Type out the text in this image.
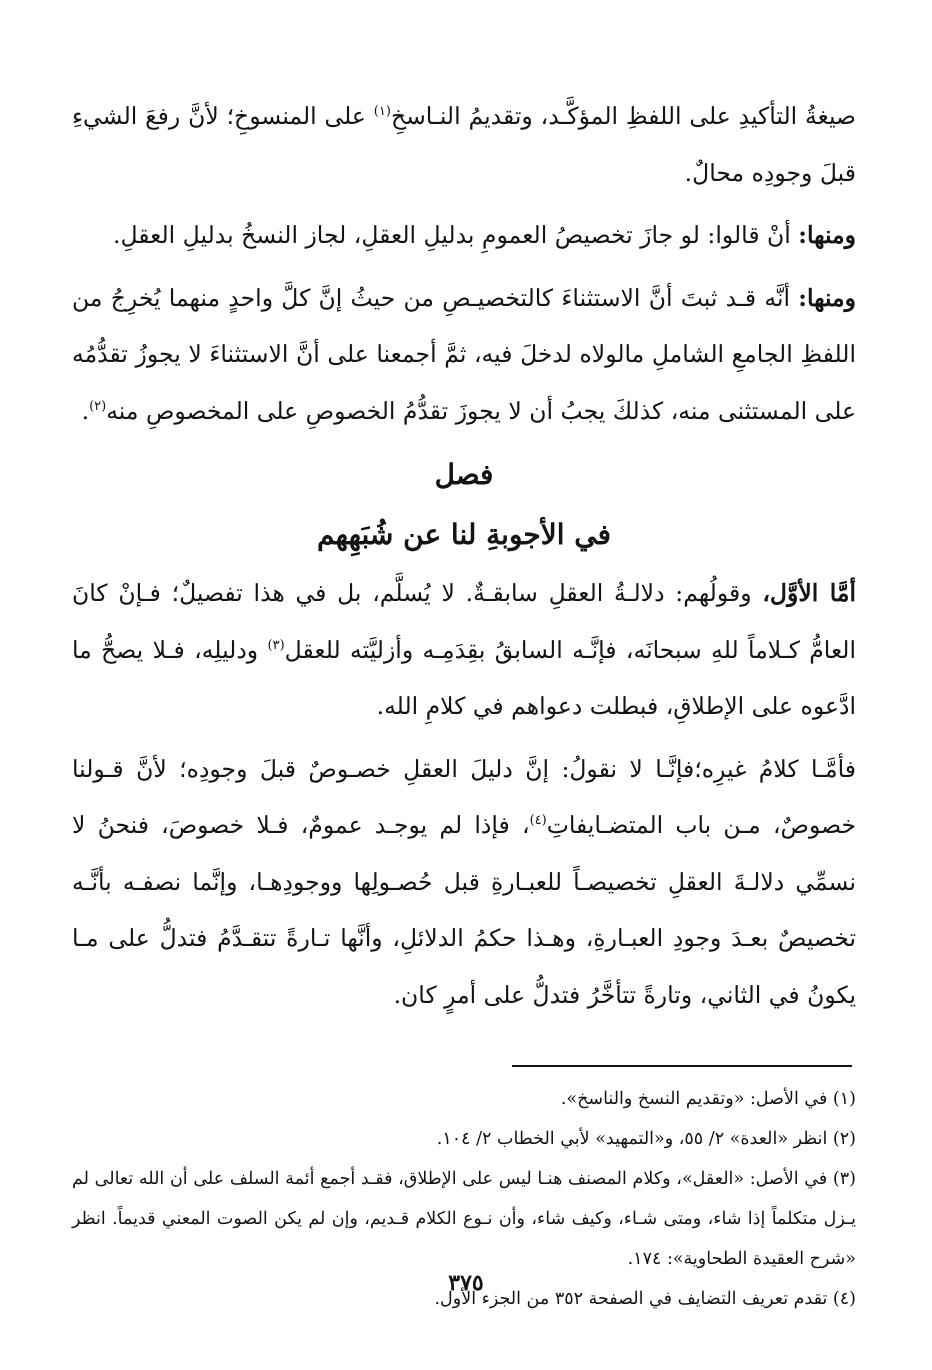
صيغةُ التأكيدِ على اللفظِ المؤكَّـد، وتقديمُ النـاسخِ$^{(١)}$ على المنسوخِ؛ لأنَّ رفعَ الشيءِ قبلَ وجودِه محالٌ.

ومنها: أنْ قالوا: لو جازَ تخصيصُ العمومِ بدليلِ العقلِ، لجاز النسخُ بدليلِ العقلِ.

ومنها: أنَّه قـد ثبتَ أنَّ الاستثناءَ كالتخصيـصِ من حيثُ إنَّ كلَّ واحدٍ منهما يُخرِجُ من اللفظِ الجامعِ الشاملِ مالولاه لدخلَ فيه، ثمَّ أجمعنا على أنَّ الاستثناءَ لا يجوزُ تقدُّمُه على المستثنى منه، كذلكَ يجبُ أن لا يجوزَ تقدُّمُ الخصوصِ على المخصوصِ منه$^{(٢)}$.

فصل
في الأجوبةِ لنا عن شُبَهِهم

أمَّا الأوَّل، وقولُهم: دلالـةُ العقلِ سابقـةٌ. لا يُسلَّم، بل في هذا تفصيلٌ؛ فـإنْ كانَ العامُّ كـلاماً للهِ سبحانَه، فإنَّـه السابقُ بقِدَمِـه وأزليَّته للعقل$^{(٣)}$ ودليلِه، فـلا يصحُّ ما ادَّعوه على الإطلاقِ، فبطلت دعواهم في كلامِ الله.

فأمَّـا كلامُ غيرِه؛فإنَّـا لا نقولُ: إنَّ دليلَ العقلِ خصـوصٌ قبلَ وجودِه؛ لأنَّ قـولنا خصوصٌ، مـن باب المتضـايفاتِ$^{(٤)}$، فإذا لم يوجـد عمومٌ، فـلا خصوصَ، فنحنُ لا نسمِّي دلالـةَ العقلِ تخصيصـاً للعبـارةِ قبل حُصـولِها ووجودِهـا، وإنَّما نصفـه بأنَّـه تخصيصٌ بعـدَ وجودِ العبـارةِ، وهـذا حكمُ الدلائلِ، وأنَّها تـارةً تتقـدَّمُ فتدلُّ على مـا يكونُ في الثاني، وتارةً تتأخَّرُ فتدلُّ على أمرٍ كان.

(١) في الأصل: «وتقديم النسخ والناسخ».

(٢) انظر «العدة» ٢/ ٥٥، و«التمهيد» لأبي الخطاب ٢/ ١٠٤.

(٣) في الأصل: «العقل»، وكلام المصنف هنـا ليس على الإطلاق، فقـد أجمع أئمة السلف على أن الله تعالى لم يـزل متكلماً إذا شاء، ومتى شـاء، وكيف شاء، وأن نـوع الكلام قـديم، وإن لم يكن الصوت المعني قديماً. انظر «شرح العقيدة الطحاوية»: ١٧٤.

(٤) تقدم تعريف التضايف في الصفحة ٣٥٢ من الجزء الأول.

٣٧٥
